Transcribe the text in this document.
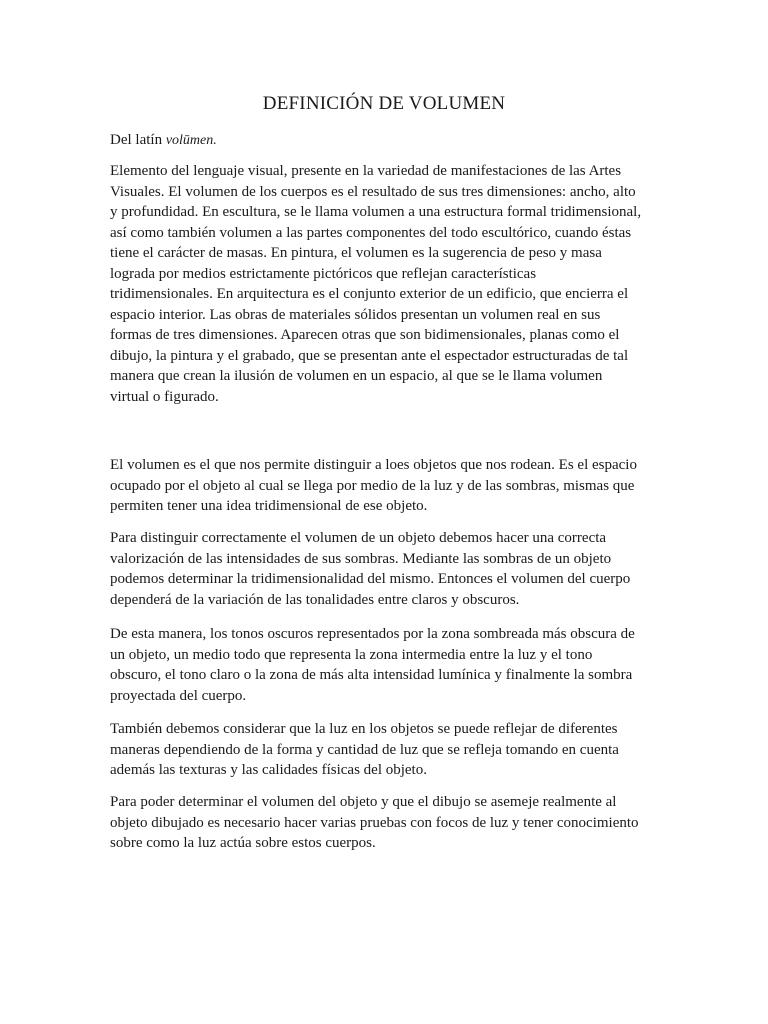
DEFINICIÓN DE VOLUMEN

Del latín volūmen.

Elemento del lenguaje visual, presente en la variedad de manifestaciones de las Artes
Visuales. El volumen de los cuerpos es el resultado de sus tres dimensiones: ancho, alto
y profundidad. En escultura, se le llama volumen a una estructura formal tridimensional,
así como también volumen a las partes componentes del todo escultórico, cuando éstas
tiene el carácter de masas. En pintura, el volumen es la sugerencia de peso y masa
lograda por medios estrictamente pictóricos que reflejan características
tridimensionales. En arquitectura es el conjunto exterior de un edificio, que encierra el
espacio interior. Las obras de materiales sólidos presentan un volumen real en sus
formas de tres dimensiones. Aparecen otras que son bidimensionales, planas como el
dibujo, la pintura y el grabado, que se presentan ante el espectador estructuradas de tal
manera que crean la ilusión de volumen en un espacio, al que se le llama volumen
virtual o figurado.
El volumen es el que nos permite distinguir a loes objetos que nos rodean. Es el espacio
ocupado por el objeto al cual se llega por medio de la luz y de las sombras, mismas que
permiten tener una idea tridimensional de ese objeto.
Para distinguir correctamente el volumen de un objeto debemos hacer una correcta
valorización de las intensidades de sus sombras. Mediante las sombras de un objeto
podemos determinar la tridimensionalidad del mismo. Entonces el volumen del cuerpo
dependerá de la variación de las tonalidades entre claros y obscuros.
De esta manera, los tonos oscuros representados por la zona sombreada más obscura de
un objeto, un medio todo que representa la zona intermedia entre la luz y el tono
obscuro, el tono claro o la zona de más alta intensidad lumínica y finalmente la sombra
proyectada del cuerpo.
También debemos considerar que la luz en los objetos se puede reflejar de diferentes
maneras dependiendo de la forma y cantidad de luz que se refleja tomando en cuenta
además las texturas y las calidades físicas del objeto.
Para poder determinar el volumen del objeto y que el dibujo se asemeje realmente al
objeto dibujado es necesario hacer varias pruebas con focos de luz y tener conocimiento
sobre como la luz actúa sobre estos cuerpos.
